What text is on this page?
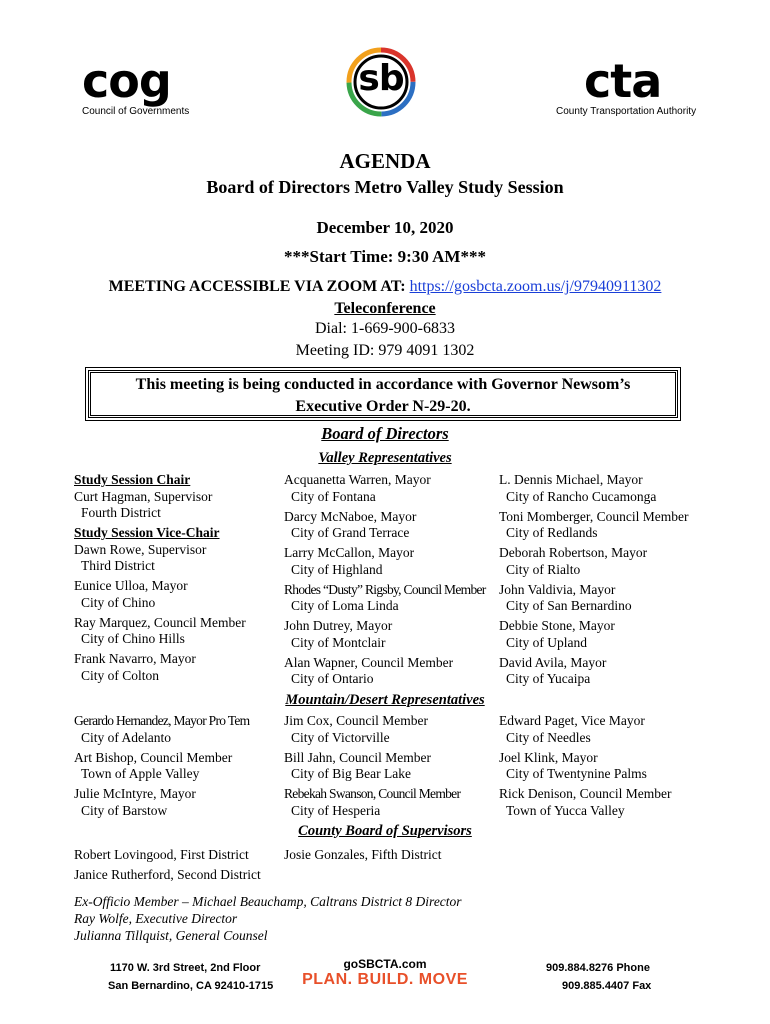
cog
Council of Governments
sb	cta
County Transportation Authority
AGENDA
Board of Directors Metro Valley Study Session
December 10, 2020
***Start Time: 9:30 AM***
MEETING ACCESSIBLE VIA ZOOM AT: https://gosbcta.zoom.us/j/97940911302
Teleconference
Dial: 1-669-900-6833
Meeting ID: 979 4091 1302
This meeting is being conducted in accordance with Governor Newsom’s
Executive Order N-29-20.
Board of Directors
Valley Representatives
Study Session Chair
Curt Hagman, Supervisor
Fourth District
Study Session Vice-Chair
Dawn Rowe, Supervisor
Third District
Eunice Ulloa, Mayor
City of Chino
Ray Marquez, Council Member
City of Chino Hills
Frank Navarro, Mayor
City of Colton
Acquanetta Warren, Mayor
City of Fontana
Darcy McNaboe, Mayor
City of Grand Terrace
Larry McCallon, Mayor
City of Highland
Rhodes “Dusty” Rigsby, Council Member
City of Loma Linda
John Dutrey, Mayor
City of Montclair
Alan Wapner, Council Member
City of Ontario
L. Dennis Michael, Mayor
City of Rancho Cucamonga
Toni Momberger, Council Member
City of Redlands
Deborah Robertson, Mayor
City of Rialto
John Valdivia, Mayor
City of San Bernardino
Debbie Stone, Mayor
City of Upland
David Avila, Mayor
City of Yucaipa
Mountain/Desert Representatives
Gerardo Hernandez, Mayor Pro Tem
City of Adelanto
Art Bishop, Council Member
Town of Apple Valley
Julie McIntyre, Mayor
City of Barstow
Jim Cox, Council Member
City of Victorville
Bill Jahn, Council Member
City of Big Bear Lake
Rebekah Swanson, Council Member
City of Hesperia
Edward Paget, Vice Mayor
City of Needles
Joel Klink, Mayor
City of Twentynine Palms
Rick Denison, Council Member
Town of Yucca Valley
County Board of Supervisors
Robert Lovingood, First District
Janice Rutherford, Second District
Josie Gonzales, Fifth District
Ex-Officio Member – Michael Beauchamp, Caltrans District 8 Director
Ray Wolfe, Executive Director
Julianna Tillquist, General Counsel
1170 W. 3rd Street, 2nd Floor
San Bernardino, CA 92410-1715
goSBCTA.com
PLAN. BUILD. MOVE
909.884.8276 Phone
909.885.4407 Fax
